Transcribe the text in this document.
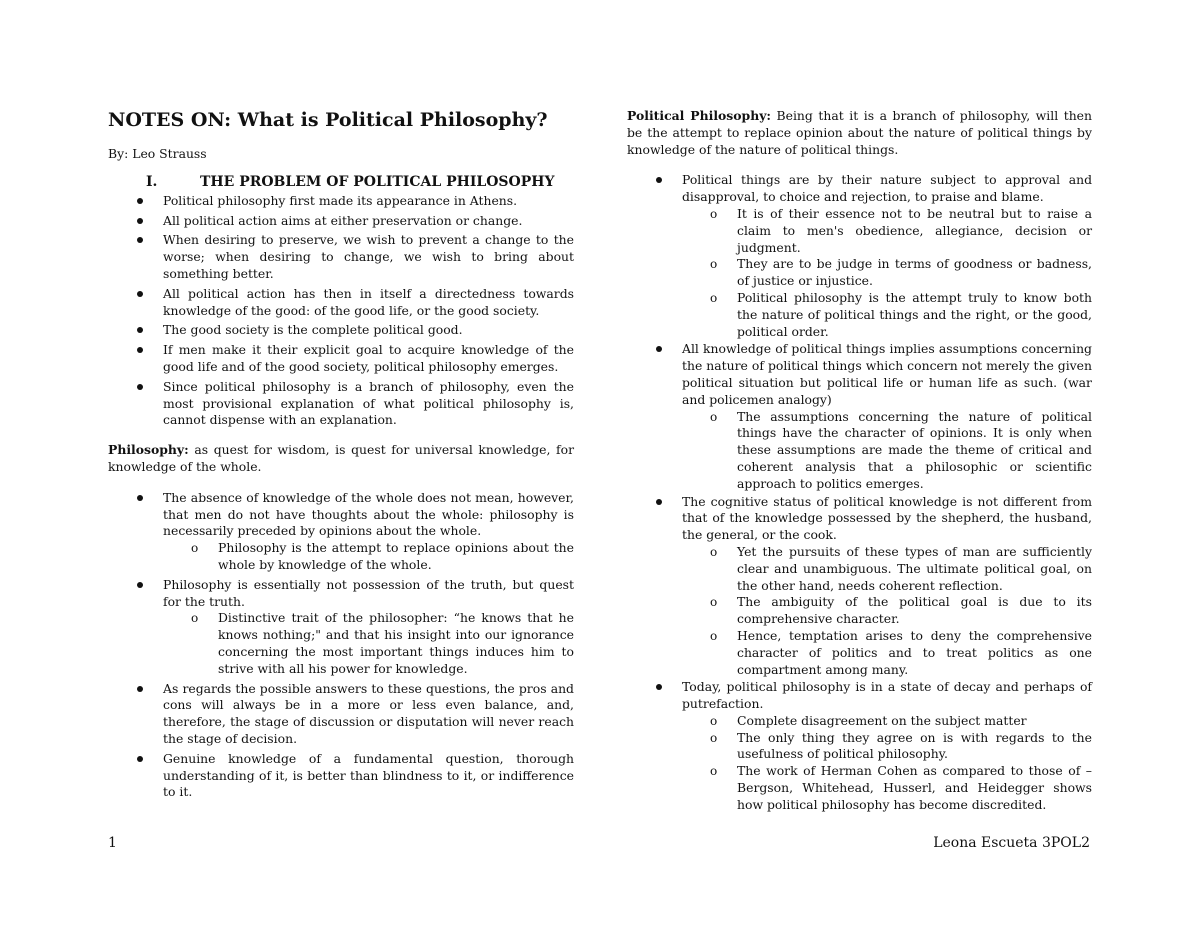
NOTES ON: What is Political Philosophy?

By: Leo Strauss

I.	THE PROBLEM OF POLITICAL PHILOSOPHY
Political philosophy first made its appearance in Athens.
All political action aims at either preservation or change.
When desiring to preserve, we wish to prevent a change to the worse; when desiring to change, we wish to bring about something better.
All political action has then in itself a directedness towards knowledge of the good: of the good life, or the good society.
The good society is the complete political good.
If men make it their explicit goal to acquire knowledge of the good life and of the good society, political philosophy emerges.
Since political philosophy is a branch of philosophy, even the most provisional explanation of what political philosophy is, cannot dispense with an explanation.

Philosophy: as quest for wisdom, is quest for universal knowledge, for knowledge of the whole.

The absence of knowledge of the whole does not mean, however, that men do not have thoughts about the whole: philosophy is necessarily preceded by opinions about the whole.
o Philosophy is the attempt to replace opinions about the whole by knowledge of the whole.
Philosophy is essentially not possession of the truth, but quest for the truth.
o Distinctive trait of the philosopher: “he knows that he knows nothing;" and that his insight into our ignorance concerning the most important things induces him to strive with all his power for knowledge.
As regards the possible answers to these questions, the pros and cons will always be in a more or less even balance, and, therefore, the stage of discussion or disputation will never reach the stage of decision.
Genuine knowledge of a fundamental question, thorough understanding of it, is better than blindness to it, or indifference to it.

Political Philosophy: Being that it is a branch of philosophy, will then be the attempt to replace opinion about the nature of political things by knowledge of the nature of political things.

Political things are by their nature subject to approval and disapproval, to choice and rejection, to praise and blame.
o It is of their essence not to be neutral but to raise a claim to men's obedience, allegiance, decision or judgment.
o They are to be judge in terms of goodness or badness, of justice or injustice.
o Political philosophy is the attempt truly to know both the nature of political things and the right, or the good, political order.
All knowledge of political things implies assumptions concerning the nature of political things which concern not merely the given political situation but political life or human life as such. (war and policemen analogy)
o The assumptions concerning the nature of political things have the character of opinions. It is only when these assumptions are made the theme of critical and coherent analysis that a philosophic or scientific approach to politics emerges.
The cognitive status of political knowledge is not different from that of the knowledge possessed by the shepherd, the husband, the general, or the cook.
o Yet the pursuits of these types of man are sufficiently clear and unambiguous. The ultimate political goal, on the other hand, needs coherent reflection.
o The ambiguity of the political goal is due to its comprehensive character.
o Hence, temptation arises to deny the comprehensive character of politics and to treat politics as one compartment among many.
Today, political philosophy is in a state of decay and perhaps of putrefaction.
o Complete disagreement on the subject matter
o The only thing they agree on is with regards to the usefulness of political philosophy.
o The work of Herman Cohen as compared to those of – Bergson, Whitehead, Husserl, and Heidegger shows how political philosophy has become discredited.
1	Leona Escueta 3POL2
